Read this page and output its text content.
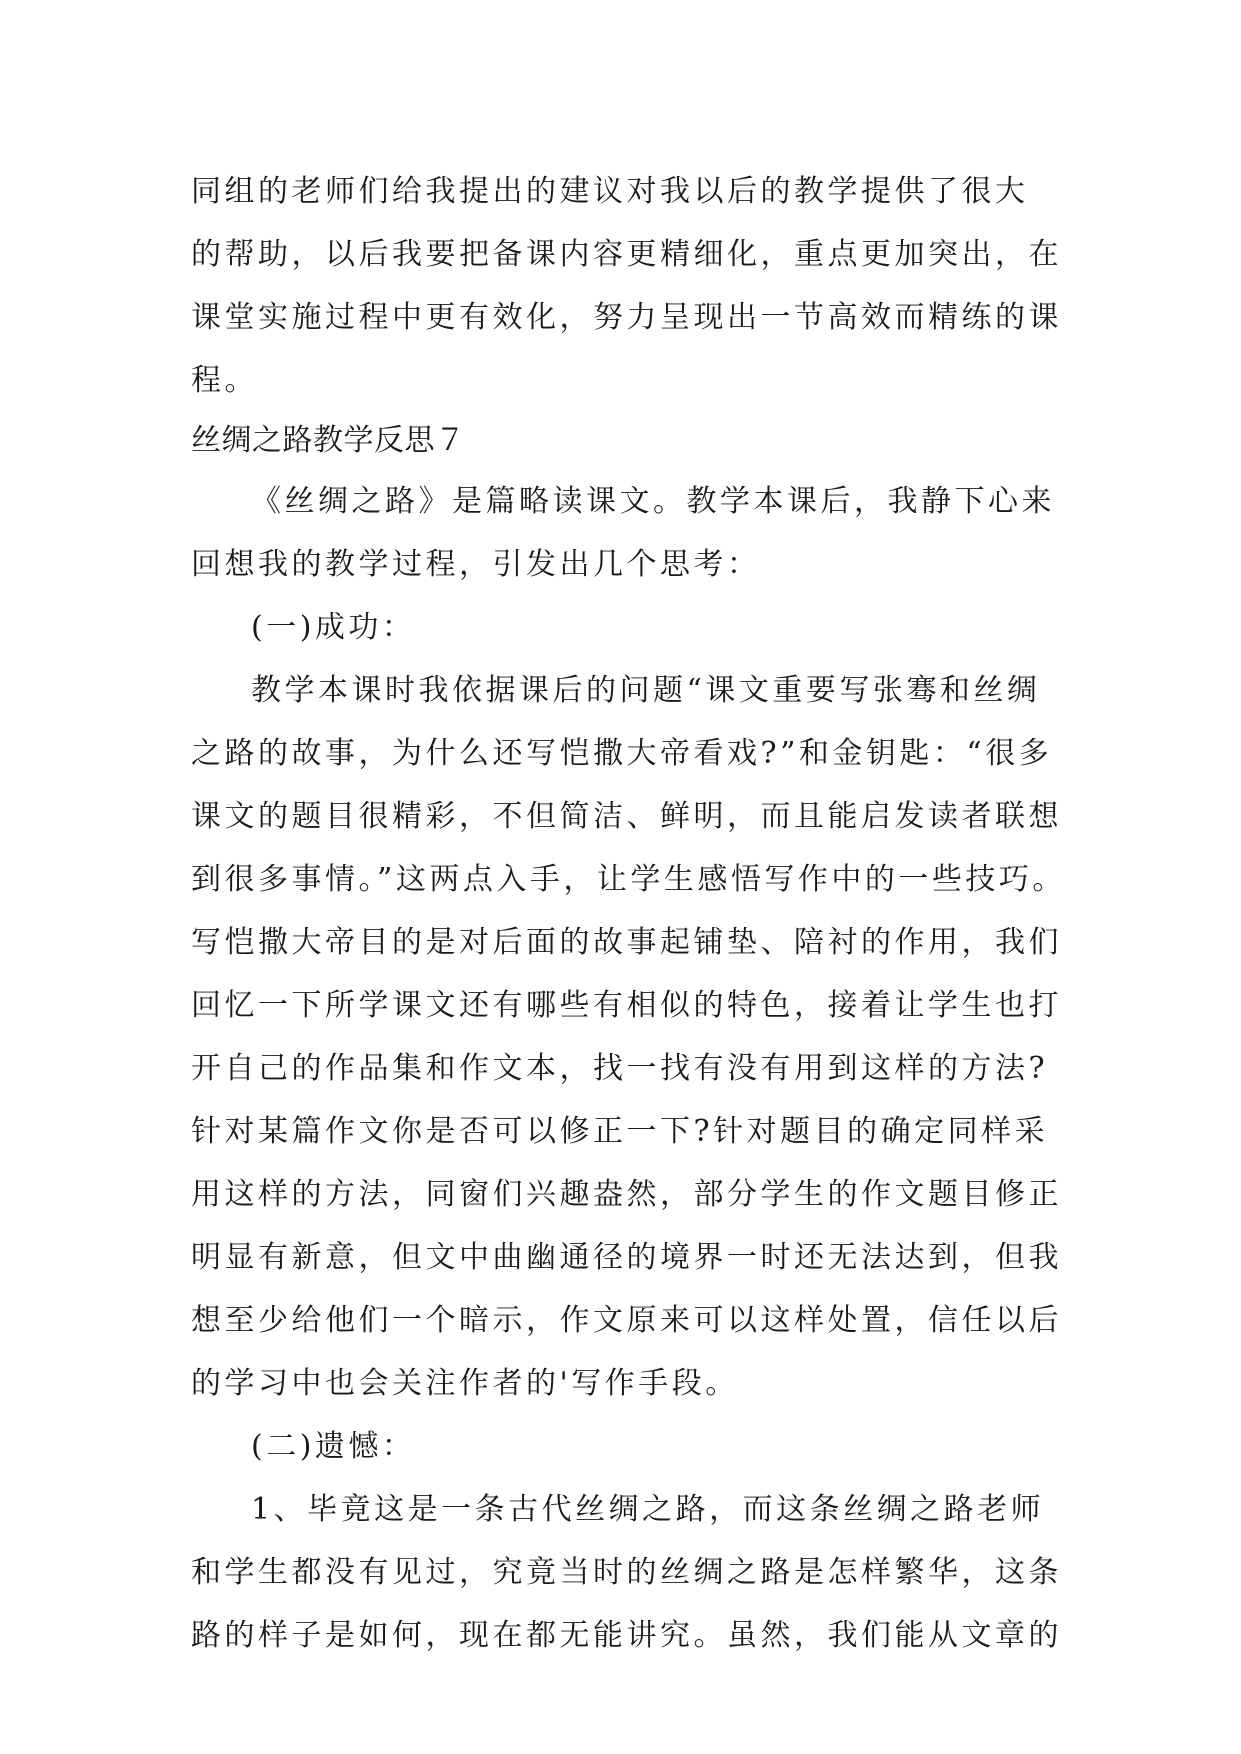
同组的老师们给我提出的建议对我以后的教学提供了很大
的帮助，以后我要把备课内容更精细化，重点更加突出，在
课堂实施过程中更有效化，努力呈现出一节高效而精练的课
程。
丝绸之路教学反思７
《丝绸之路》是篇略读课文。教学本课后，我静下心来
回想我的教学过程，引发出几个思考：
(一)成功：
教学本课时我依据课后的问题“课文重要写张骞和丝绸
之路的故事，为什么还写恺撒大帝看戏?”和金钥匙：“很多
课文的题目很精彩，不但简洁、鲜明，而且能启发读者联想
到很多事情。”这两点入手，让学生感悟写作中的一些技巧。
写恺撒大帝目的是对后面的故事起铺垫、陪衬的作用，我们
回忆一下所学课文还有哪些有相似的特色，接着让学生也打
开自己的作品集和作文本，找一找有没有用到这样的方法?
针对某篇作文你是否可以修正一下?针对题目的确定同样采
用这样的方法，同窗们兴趣盎然，部分学生的作文题目修正
明显有新意，但文中曲幽通径的境界一时还无法达到，但我
想至少给他们一个暗示，作文原来可以这样处置，信任以后
的学习中也会关注作者的'写作手段。
(二)遗憾：
1、毕竟这是一条古代丝绸之路，而这条丝绸之路老师
和学生都没有见过，究竟当时的丝绸之路是怎样繁华，这条
路的样子是如何，现在都无能讲究。虽然，我们能从文章的
